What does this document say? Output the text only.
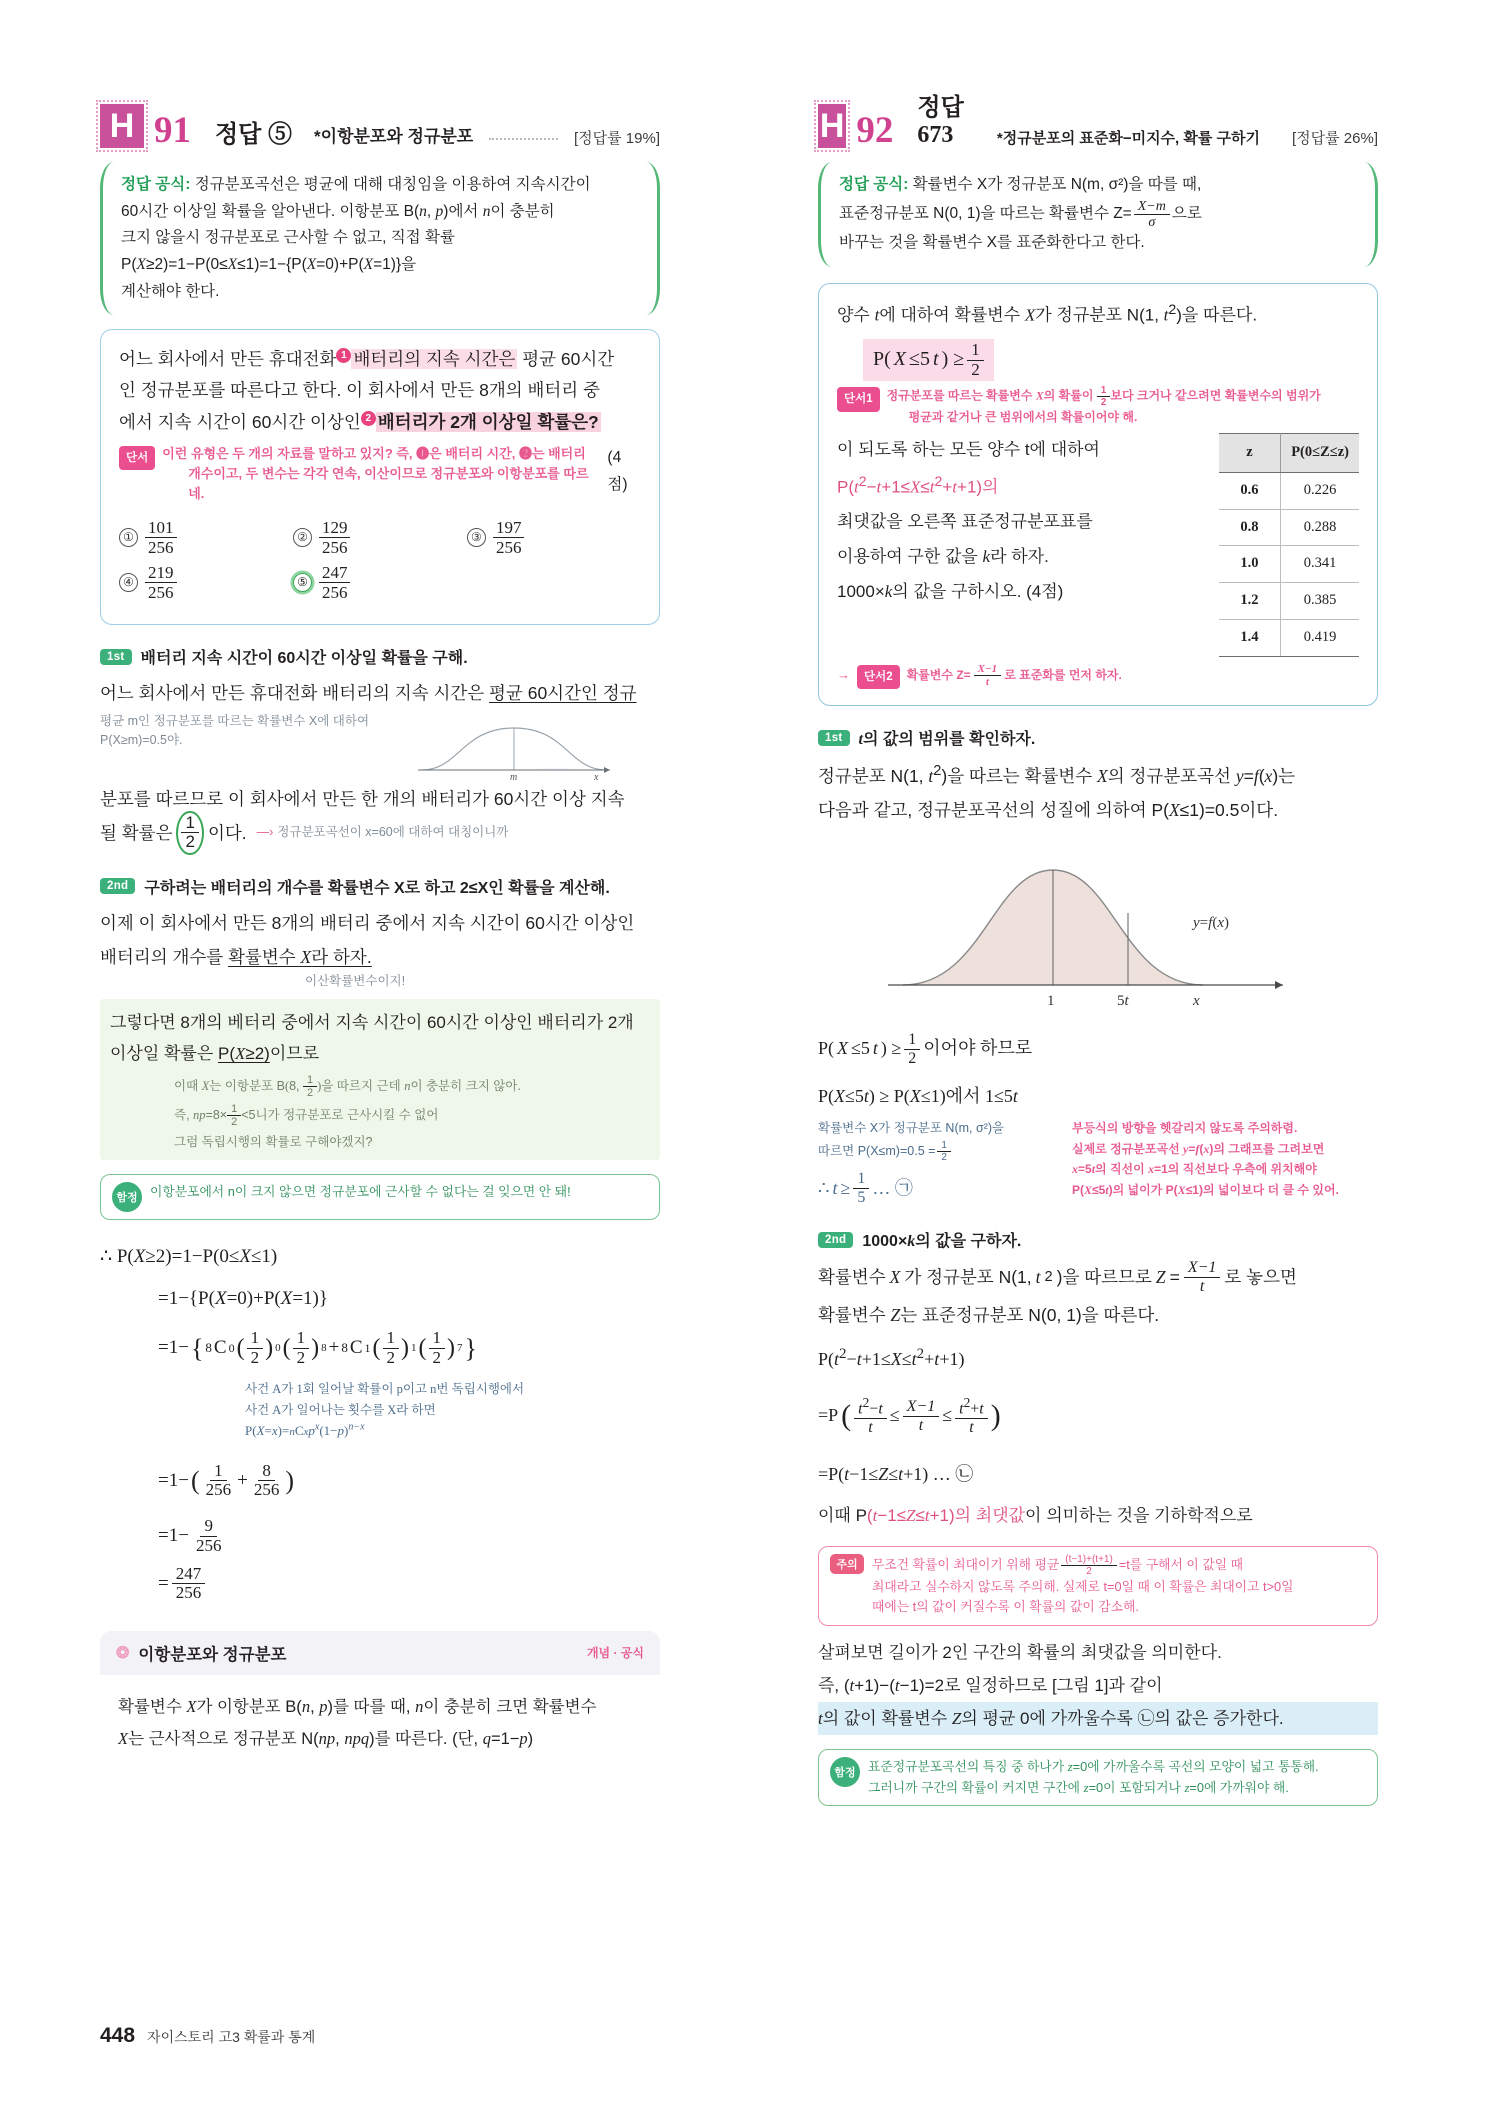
H 91 정답 ⑤ *이항분포와 정규분포	[정답률 19%]
정답 공식: 정규분포곡선은 평균에 대해 대칭임을 이용하여 지속시간이
60시간 이상일 확률을 알아낸다. 이항분포 B(n, p)에서 n이 충분히
크지 않을시 정규분포로 근사할 수 없고, 직접 확률
P(X≥2)=1−P(0≤X≤1)=1−{P(X=0)+P(X=1)}을
계산해야 한다.
어느 회사에서 만든 휴대전화 1 배터리의 지속 시간은 평균 60시간
인 정규분포를 따른다고 한다. 이 회사에서 만든 8개의 배터리 중
에서 지속 시간이 60시간 이상인 2 배터리가 2개 이상일 확률은?
단서	이런 유형은 두 개의 자료를 말하고 있지? 즉, ❶은 배터리 시간, ❷는 배터리
개수이고, 두 변수는 각각 연속, 이산이므로 정규분포와 이항분포를 따르네.
(4점)
① $\frac{101}{256}$	② $\frac{129}{256}$	③ $\frac{197}{256}$
④ $\frac{219}{256}$	⑤ $\frac{247}{256}$
1st	배터리 지속 시간이 60시간 이상일 확률을 구해.
어느 회사에서 만든 휴대전화 배터리의 지속 시간은 평균 60시간인 정규
평균 m인 정규분포를 따르는 확률변수 X에 대하여 P(X≥m)=0.5야.
m	x
분포를 따르므로 이 회사에서 만든 한 개의 배터리가 60시간 이상 지속
될 확률은 $\frac{1}{2}$ 이다. —› 정규분포곡선이 x=60에 대하여 대칭이니까
2nd	구하려는 배터리의 개수를 확률변수 X로 하고 2≤X인 확률을 계산해.
이제 이 회사에서 만든 8개의 배터리 중에서 지속 시간이 60시간 이상인
배터리의 개수를 확률변수 X라 하자.
이산확률변수이지!
그렇다면 8개의 베터리 중에서 지속 시간이 60시간 이상인 배터리가 2개
이상일 확률은 P(X≥2)이므로
이때 X는 이항분포 B(8, $\frac{1}{2}$ )을 따르지 근데 n이 충분히 크지 않아.
즉, $np=8\times \frac{1}{2} <5$니가 정규분포로 근사시킬 수 없어
그럼 독립시행의 확률로 구해야겠지?
함정 이항분포에서 n이 크지 않으면 정규분포에 근사할 수 없다는 걸 잊으면 안 돼!
∴ P(X≥2)=1−P(0≤X≤1)
=1−{P(X=0)+P(X=1)}
=1− { 8 C 0 ( $\frac{1}{2}$ ) 0 ( $\frac{1}{2}$ ) 8 + 8 C 1 ( $\frac{1}{2}$ ) 1 ( $\frac{1}{2}$ ) 7 }
사건 A가 1회 일어날 확률이 p이고 n번 독립시행에서
사건 A가 일어나는 횟수를 X라 하면
$P(X=x)=nCxp^x(1-p)^{n-x}$
=1− ( $\frac{1}{256} + \frac{8}{256}$ )
$=1- \frac{9}{256}$
= $\frac{247}{256}$
❂ 이항분포와 정규분포	개념 · 공식
확률변수 X가 이항분포 B(n, p)를 따를 때, n이 충분히 크면 확률변수
X는 근사적으로 정규분포 N(np, npq)를 따른다. (단, q=1−p)
H 92
정답 673	*정규분포의 표준화−미지수, 확률 구하기 [정답률 26%]
정답 공식: 확률변수 X가 정규분포 N(m, σ²)을 따를 때,

표준정규분포 N(0, 1)을 따르는 확률변수 $Z= \frac{X-m}{\sigma}$ 으로

바꾸는 것을 확률변수 X를 표준화한다고 한다.
양수 t에 대하여 확률변수 X가 정규분포 N(1, $t^2$)을 따른다.
P( X ≤5 t ) ≥ $\frac{1}{2}$
단서1	정규분포를 따르는 확률변수 X의 확률이 $\frac{1}{2}$ 보다 크거나 같으려면 확률변수의 범위가
평균과 같거나 큰 범위에서의 확률이어야 해.
이 되도록 하는 모든 양수 t에 대하여
$P(t^2-t+1\le X\le t^2+t+1)$의
최댓값을 오른쪽 표준정규분포표를
이용하여 구한 값을 k라 하자.
1000×k의 값을 구하시오. (4점)
z	P(0≤Z≤z)
0.6	0.226
0.8	0.288
1.0	0.341
1.2	0.385
1.4	0.419
→	단서2	확률변수 $Z= \frac{X-1}{t}$ 로 표준화를 먼저 하자.
1st	t의 값의 범위를 확인하자.
정규분포 N(1, $t^2$)을 따르는 확률변수 X의 정규분포곡선 y=f(x)는
다음과 같고, 정규분포곡선의 성질에 의하여 P(X≤1)=0.5이다.
1	5t	x
y=f(x)
P( X ≤5 t ) ≥ $\frac{1}{2}$ 이어야 하므로
P(X≤5t) ≥ P(X≤1)에서 1≤5t
확률변수 X가 정규분포 N(m, σ²)을

따르면 $P(X\le m)=0.5 = \frac{1}{2}$
∴ $t \ge \frac{1}{5}$ … ㉠
부등식의 방향을 헷갈리지 않도록 주의하렴.
실제로 정규분포곡선 y=f(x)의 그래프를 그려보면
x=5t의 직선이 x=1의 직선보다 우측에 위치해야
P(X≤5t)의 넓이가 P(X≤1)의 넓이보다 더 클 수 있어.
2nd	1000×k의 값을 구하자.
확률변수 X 가 정규분포 N(1, t 2 )을 따르므로 $Z = \frac{X-1}{t}$ 로 놓으면
확률변수 Z는 표준정규분포 N(0, 1)을 따른다.
$P(t^2-t+1\le X\le t^2+t+1)$
=P ( $\frac{t^2-t}{t} \le \frac{X-1}{t} \le \frac{t^2+t}{t}$ )
=P(t−1≤Z≤t+1) … ㉡
이때 P(t−1≤Z≤t+1)의 최댓값이 의미하는 것을 기하학적으로
주의	무조건 확률이 최대이기 위해 평균 $\frac{(t-1)+(t+1)}{2} =t$를 구해서 이 값일 때

최대라고 실수하지 않도록 주의해. 실제로 t=0일 때 이 확률은 최대이고 t>0일
때에는 t의 값이 커질수록 이 확률의 값이 감소해.
살펴보면 길이가 2인 구간의 확률의 최댓값을 의미한다.
즉, (t+1)−(t−1)=2로 일정하므로 [그림 1]과 같이
t의 값이 확률변수 Z의 평균 0에 가까울수록 ㉡의 값은 증가한다.
함정 표준정규분포곡선의 특징 중 하나가 z=0에 가까울수록 곡선의 모양이 넓고 통통해.
그러니까 구간의 확률이 커지면 구간에 z=0이 포함되거나 z=0에 가까워야 해.
448 자이스토리 고3 확률과 통계
